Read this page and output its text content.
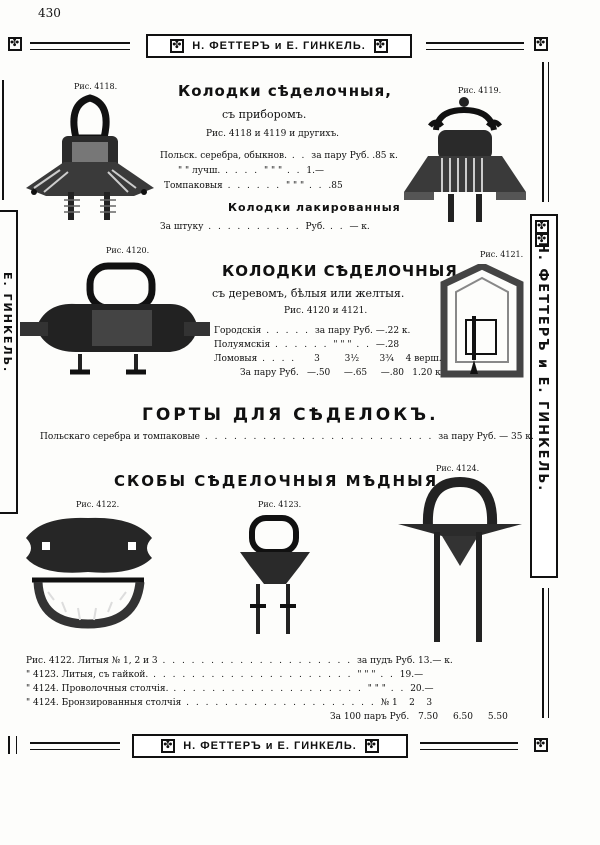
430
✤
✤
Н. ФЕТТЕРЪ и Е. ГИНКЕЛЬ.
✤
✤
Е. ГИНКЕЛЬ.
✤	Н. ФЕТТЕРЪ и Е. ГИНКЕЛЬ.
✤
Рис. 4118.	Колодки сѣделочныя,
съ приборомъ.
Рис. 4118 и 4119 и другихъ.
Польск. серебра, обыкнов. . . за пару Руб. .85 к.
" " лучш. . . . . " " " . . 1.—
Томпаковыя . . . . . . " " " . . .85
Колодки лакированныя
За штуку . . . . . . . . . . Руб. . . — к.
Рис. 4119.
Рис. 4120.
КОЛОДКИ СѢДЕЛОЧНЫЯ,
съ деревомъ, бѣлыя или желтыя.
Рис. 4120 и 4121.
Городскія . . . . . за пару Руб. —.22 к.
Полуямскія . . . . . . " " " . . —.28
Ломовыя . . . . 3	3½ 3¾ 4 верш.
За пару Руб. —.50 —.65 —.80 1.20 к.
Рис. 4121.
ГОРТЫ ДЛЯ СѢДЕЛОКЪ.
Польскаго серебра и томпаковые . . . . . . . . . . . . . . . . . . . . . . . . за пару Руб. — 35 к.
СКОБЫ СѢДЕЛОЧНЫЯ МѢДНЫЯ.
Рис. 4122.	Рис. 4123.
Рис. 4124.
Рис. 4122. Литыя № 1, 2 и 3 . . . . . . . . . . . . . . . . . . . . за пудъ Руб. 13.— к.
" 4123. Литыя, съ гайкой. . . . . . . . . . . . . . . . . . . . . . " " " . . 19.—
" 4124. Проволочныя столчія. . . . . . . . . . . . . . . . . . . . . " " " . . 20.—
" 4124. Бронзированныя столчія . . . . . . . . . . . . . . . . . . . . № 1    2    3
За 100 паръ Руб. 7.50 6.50 5.50
✤
Н. ФЕТТЕРЪ и Е. ГИНКЕЛЬ.
✤
✤
